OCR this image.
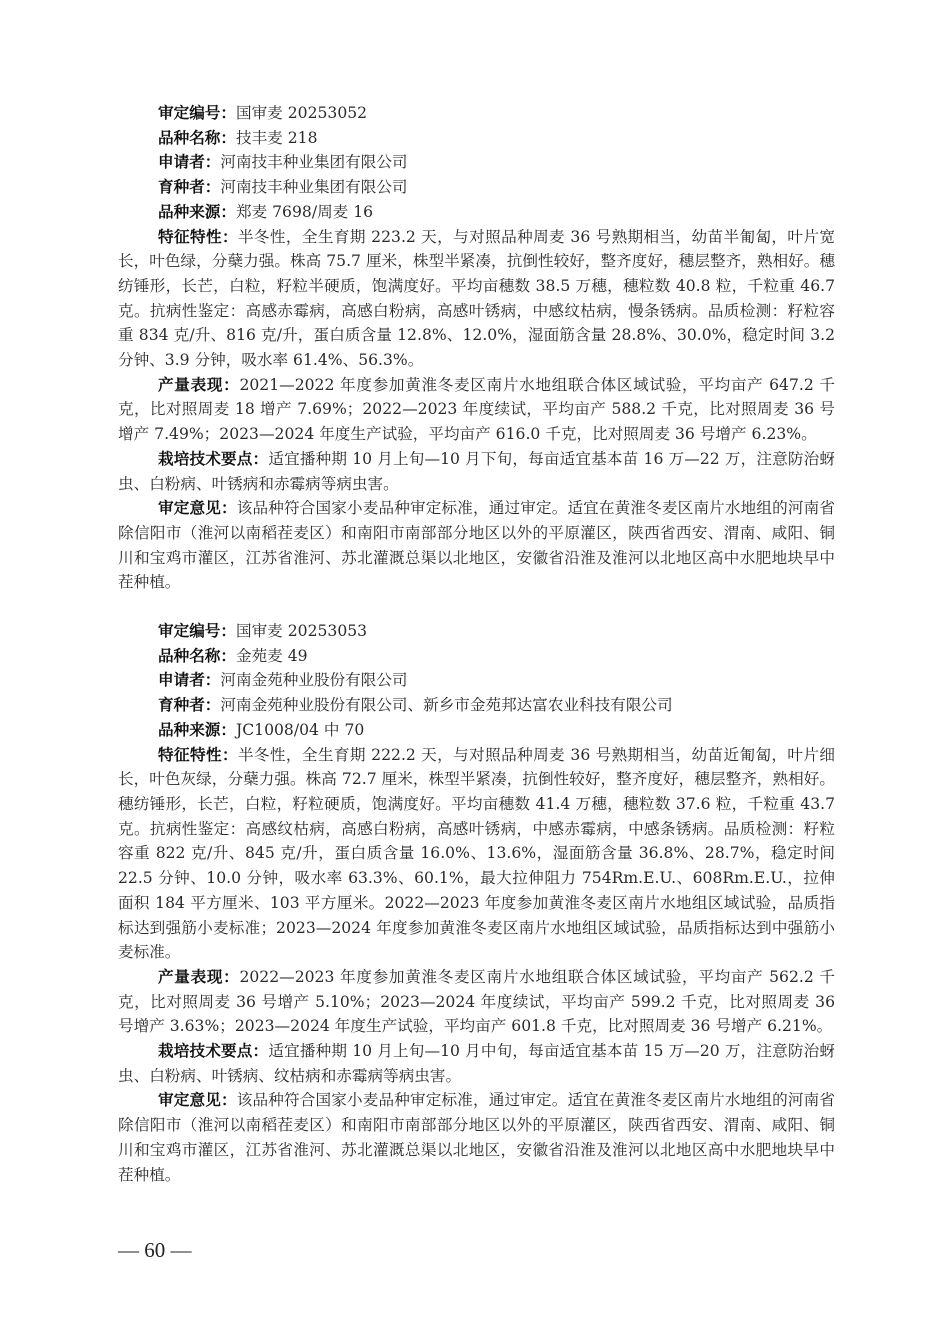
审定编号：国审麦 20253052

品种名称：技丰麦 218

申请者：河南技丰种业集团有限公司

育种者：河南技丰种业集团有限公司

品种来源：郑麦 7698/周麦 16

特征特性：半冬性，全生育期 223.2 天，与对照品种周麦 36 号熟期相当，幼苗半匍匐，叶片宽长，叶色绿，分蘖力强。株高 75.7 厘米，株型半紧凑，抗倒性较好，整齐度好，穗层整齐，熟相好。穗纺锤形，长芒，白粒，籽粒半硬质，饱满度好。平均亩穗数 38.5 万穗，穗粒数 40.8 粒，千粒重 46.7 克。抗病性鉴定：高感赤霉病，高感白粉病，高感叶锈病，中感纹枯病，慢条锈病。品质检测：籽粒容重 834 克/升、816 克/升，蛋白质含量 12.8%、12.0%，湿面筋含量 28.8%、30.0%，稳定时间 3.2 分钟、3.9 分钟，吸水率 61.4%、56.3%。

产量表现：2021—2022 年度参加黄淮冬麦区南片水地组联合体区域试验，平均亩产 647.2 千克，比对照周麦 18 增产 7.69%；2022—2023 年度续试，平均亩产 588.2 千克，比对照周麦 36 号增产 7.49%；2023—2024 年度生产试验，平均亩产 616.0 千克，比对照周麦 36 号增产 6.23%。

栽培技术要点：适宜播种期 10 月上旬—10 月下旬，每亩适宜基本苗 16 万—22 万，注意防治蚜虫、白粉病、叶锈病和赤霉病等病虫害。

审定意见：该品种符合国家小麦品种审定标准，通过审定。适宜在黄淮冬麦区南片水地组的河南省除信阳市（淮河以南稻茬麦区）和南阳市南部部分地区以外的平原灌区，陕西省西安、渭南、咸阳、铜川和宝鸡市灌区，江苏省淮河、苏北灌溉总渠以北地区，安徽省沿淮及淮河以北地区高中水肥地块早中茬种植。

审定编号：国审麦 20253053

品种名称：金苑麦 49

申请者：河南金苑种业股份有限公司

育种者：河南金苑种业股份有限公司、新乡市金苑邦达富农业科技有限公司

品种来源：JC1008/04 中 70

特征特性：半冬性，全生育期 222.2 天，与对照品种周麦 36 号熟期相当，幼苗近匍匐，叶片细长，叶色灰绿，分蘖力强。株高 72.7 厘米，株型半紧凑，抗倒性较好，整齐度好，穗层整齐，熟相好。穗纺锤形，长芒，白粒，籽粒硬质，饱满度好。平均亩穗数 41.4 万穗，穗粒数 37.6 粒，千粒重 43.7 克。抗病性鉴定：高感纹枯病，高感白粉病，高感叶锈病，中感赤霉病，中感条锈病。品质检测：籽粒容重 822 克/升、845 克/升，蛋白质含量 16.0%、13.6%，湿面筋含量 36.8%、28.7%，稳定时间 22.5 分钟、10.0 分钟，吸水率 63.3%、60.1%，最大拉伸阻力 754Rm.E.U.、608Rm.E.U.，拉伸面积 184 平方厘米、103 平方厘米。2022—2023 年度参加黄淮冬麦区南片水地组区域试验，品质指标达到强筋小麦标准；2023—2024 年度参加黄淮冬麦区南片水地组区域试验，品质指标达到中强筋小麦标准。

产量表现：2022—2023 年度参加黄淮冬麦区南片水地组联合体区域试验，平均亩产 562.2 千克，比对照周麦 36 号增产 5.10%；2023—2024 年度续试，平均亩产 599.2 千克，比对照周麦 36 号增产 3.63%；2023—2024 年度生产试验，平均亩产 601.8 千克，比对照周麦 36 号增产 6.21%。

栽培技术要点：适宜播种期 10 月上旬—10 月中旬，每亩适宜基本苗 15 万—20 万，注意防治蚜虫、白粉病、叶锈病、纹枯病和赤霉病等病虫害。

审定意见：该品种符合国家小麦品种审定标准，通过审定。适宜在黄淮冬麦区南片水地组的河南省除信阳市（淮河以南稻茬麦区）和南阳市南部部分地区以外的平原灌区，陕西省西安、渭南、咸阳、铜川和宝鸡市灌区，江苏省淮河、苏北灌溉总渠以北地区，安徽省沿淮及淮河以北地区高中水肥地块早中茬种植。

— 60 —
